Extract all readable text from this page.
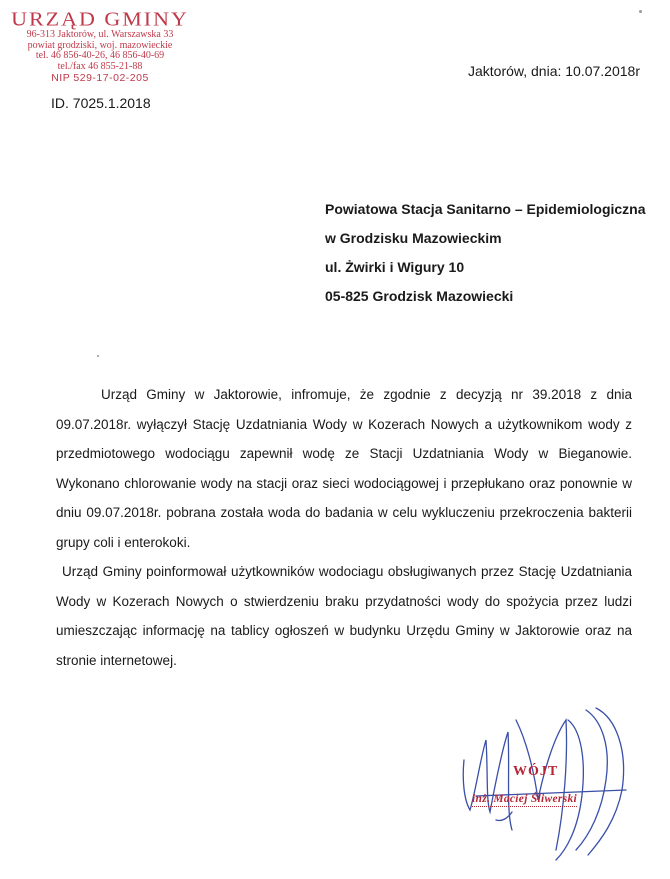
URZĄD GMINY
96-313 Jaktorów, ul. Warszawska 33
powiat grodziski, woj. mazowieckie
tel. 46 856-40-26, 46 856-40-69
tel./fax 46 855-21-88
NIP 529-17-02-205	Jaktorów, dnia: 10.07.2018r
ID. 7025.1.2018
Powiatowa Stacja Sanitarno – Epidemiologiczna
w Grodzisku Mazowieckim
ul. Żwirki i Wigury 10
05-825 Grodzisk Mazowiecki

Urząd Gminy w Jaktorowie, infromuje, że zgodnie z decyzją nr 39.2018 z dnia 09.07.2018r. wyłączył Stację Uzdatniania Wody w Kozerach Nowych a użytkownikom wody z przedmiotowego wodociągu zapewnił wodę ze Stacji Uzdatniania Wody w Bieganowie. Wykonano chlorowanie wody na stacji oraz sieci wodociągowej i przepłukano oraz ponownie w dniu 09.07.2018r. pobrana została woda do badania w celu wykluczeniu przekroczenia bakterii grupy coli i enterokoki.

Urząd Gminy poinformował użytkowników wodociagu obsługiwanych przez Stację Uzdatniania Wody w Kozerach Nowych o stwierdzeniu braku przydatności wody do spożycia przez ludzi umieszczając informację na tablicy ogłoszeń w budynku Urzędu Gminy w Jaktorowie oraz na stronie internetowej.

WÓJT
inż. Maciej Śliwerski
